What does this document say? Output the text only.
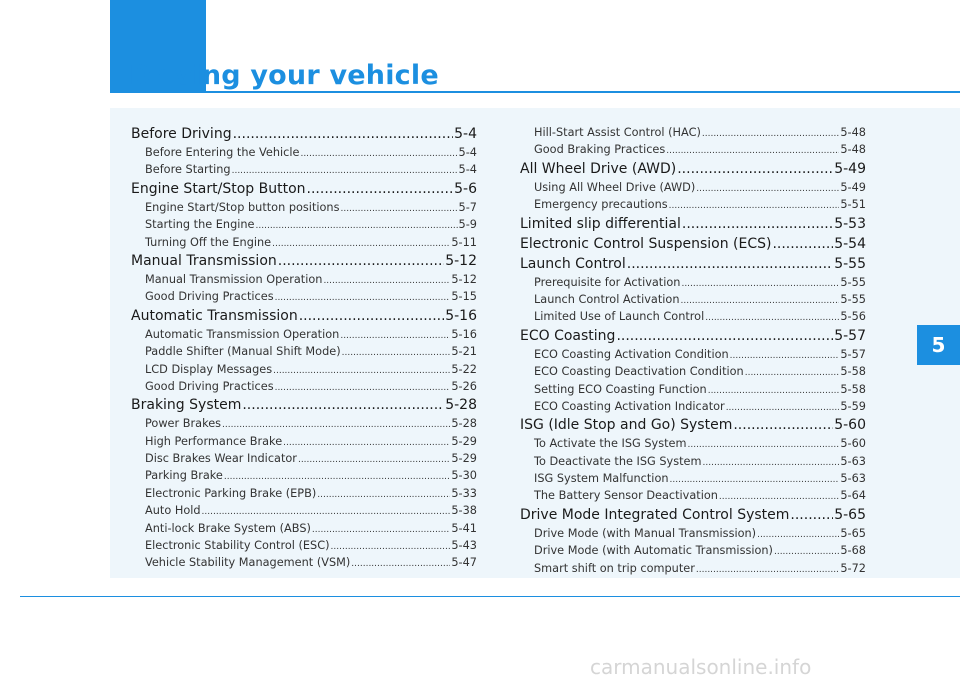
Driving your vehicle
5
carmanualsonline.info
Before Driving .....	5-4
Before Entering the Vehicle .....	5-4
Before Starting .....	5-4
Engine Start/Stop Button .....	5-6
Engine Start/Stop button positions .....	5-7
Starting the Engine .....	5-9
Turning Off the Engine .....	5-11
Manual Transmission .....	5-12
Manual Transmission Operation .....	5-12
Good Driving Practices .....	5-15
Automatic Transmission .....	5-16
Automatic Transmission Operation .....	5-16
Paddle Shifter (Manual Shift Mode) .....	5-21
LCD Display Messages .....	5-22
Good Driving Practices .....	5-26
Braking System .....	5-28
Power Brakes .....	5-28
High Performance Brake .....	5-29
Disc Brakes Wear Indicator .....	5-29
Parking Brake .....	5-30
Electronic Parking Brake (EPB) .....	5-33
Auto Hold .....	5-38
Anti-lock Brake System (ABS) .....	5-41
Electronic Stability Control (ESC) .....	5-43
Vehicle Stability Management (VSM) .....	5-47
Hill-Start Assist Control (HAC) .....	5-48
Good Braking Practices .....	5-48
All Wheel Drive (AWD) .....	5-49
Using All Wheel Drive (AWD) .....	5-49
Emergency precautions .....	5-51
Limited slip differential .....	5-53
Electronic Control Suspension (ECS) .....	5-54
Launch Control .....	5-55
Prerequisite for Activation .....	5-55
Launch Control Activation .....	5-55
Limited Use of Launch Control .....	5-56
ECO Coasting .....	5-57
ECO Coasting Activation Condition .....	5-57
ECO Coasting Deactivation Condition .....	5-58
Setting ECO Coasting Function .....	5-58
ECO Coasting Activation Indicator .....	5-59
ISG (Idle Stop and Go) System .....	5-60
To Activate the ISG System .....	5-60
To Deactivate the ISG System .....	5-63
ISG System Malfunction .....	5-63
The Battery Sensor Deactivation .....	5-64
Drive Mode Integrated Control System .....	5-65
Drive Mode (with Manual Transmission) .....	5-65
Drive Mode (with Automatic Transmission) .....	5-68
Smart shift on trip computer .....	5-72
